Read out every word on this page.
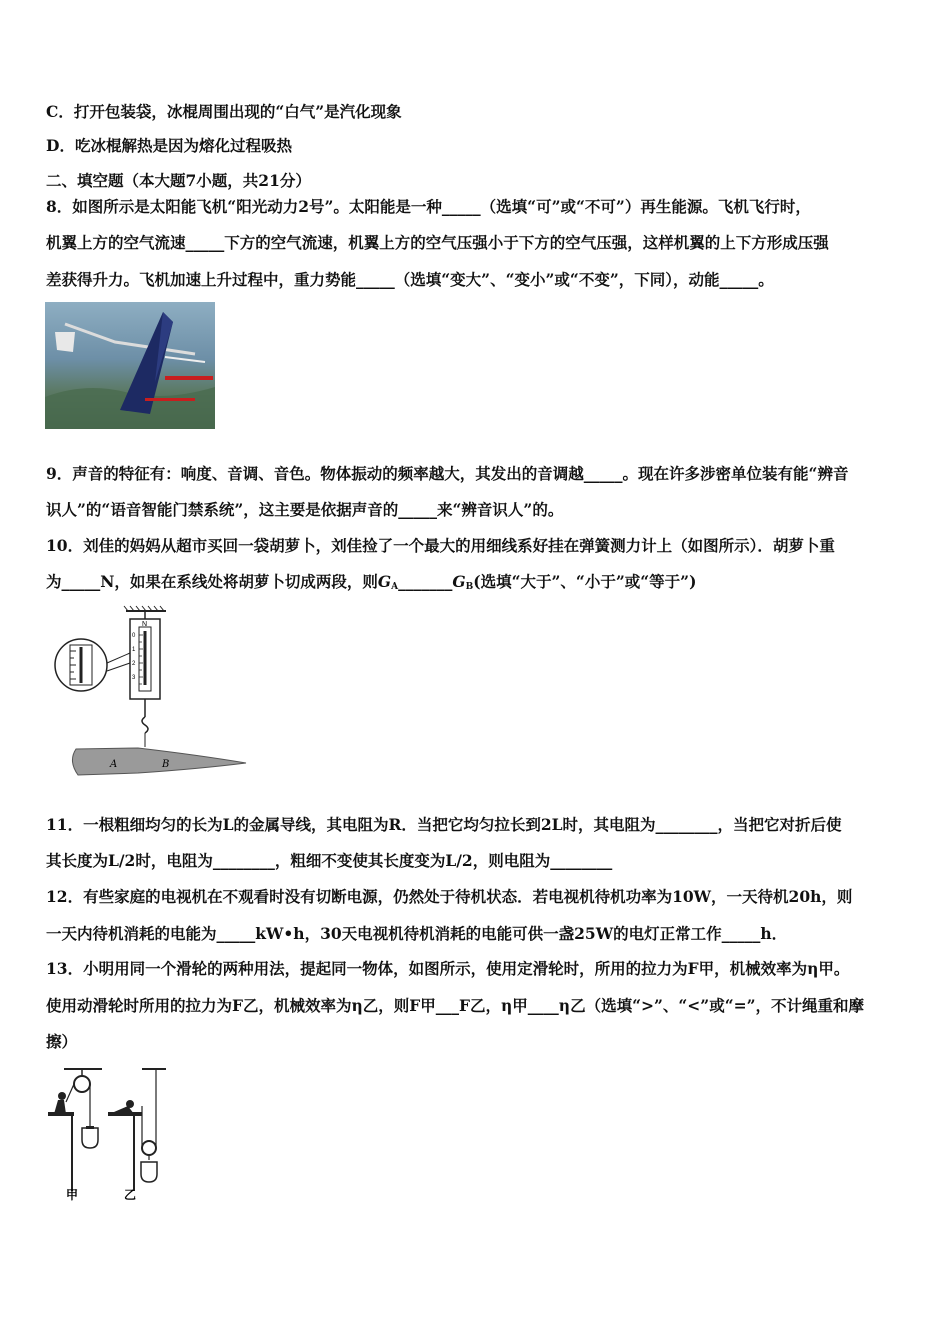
C．打开包装袋，冰棍周围出现的“白气”是汽化现象
D．吃冰棍解热是因为熔化过程吸热
二、填空题（本大题7小题，共21分）
8．如图所示是太阳能飞机“阳光动力2号”。太阳能是一种_____（选填“可”或“不可”）再生能源。飞机飞行时，
机翼上方的空气流速_____下方的空气流速，机翼上方的空气压强小于下方的空气压强，这样机翼的上下方形成压强
差获得升力。飞机加速上升过程中，重力势能_____（选填“变大”、“变小”或“不变”，下同），动能_____。
9．声音的特征有：响度、音调、音色。物体振动的频率越大，其发出的音调越_____。现在许多涉密单位装有能“辨音
识人”的“语音智能门禁系统”，这主要是依据声音的_____来“辨音识人”的。
10．刘佳的妈妈从超市买回一袋胡萝卜，刘佳捡了一个最大的用细线系好挂在弹簧测力计上（如图所示）．胡萝卜重
为_____N，如果在系线处将胡萝卜切成两段，则$G_A\_\_\_\_\_\_\_G_B$(选填“大于”、“小于”或“等于”)
N
0
1
2
3
A	B
11．一根粗细均匀的长为L的金属导线，其电阻为R．当把它均匀拉长到2L时，其电阻为________，当把它对折后使
其长度为L/2时，电阻为________，粗细不变使其长度变为L/2，则电阻为________
12．有些家庭的电视机在不观看时没有切断电源，仍然处于待机状态．若电视机待机功率为10W，一天待机20h，则
一天内待机消耗的电能为_____kW•h，30天电视机待机消耗的电能可供一盏25W的电灯正常工作_____h．
13．小明用同一个滑轮的两种用法，提起同一物体，如图所示，使用定滑轮时，所用的拉力为F甲，机械效率为η甲。
使用动滑轮时所用的拉力为F乙，机械效率为η乙，则F甲___F乙，η甲____η乙（选填“>”、“<”或“=”，不计绳重和摩
擦）
甲	乙
